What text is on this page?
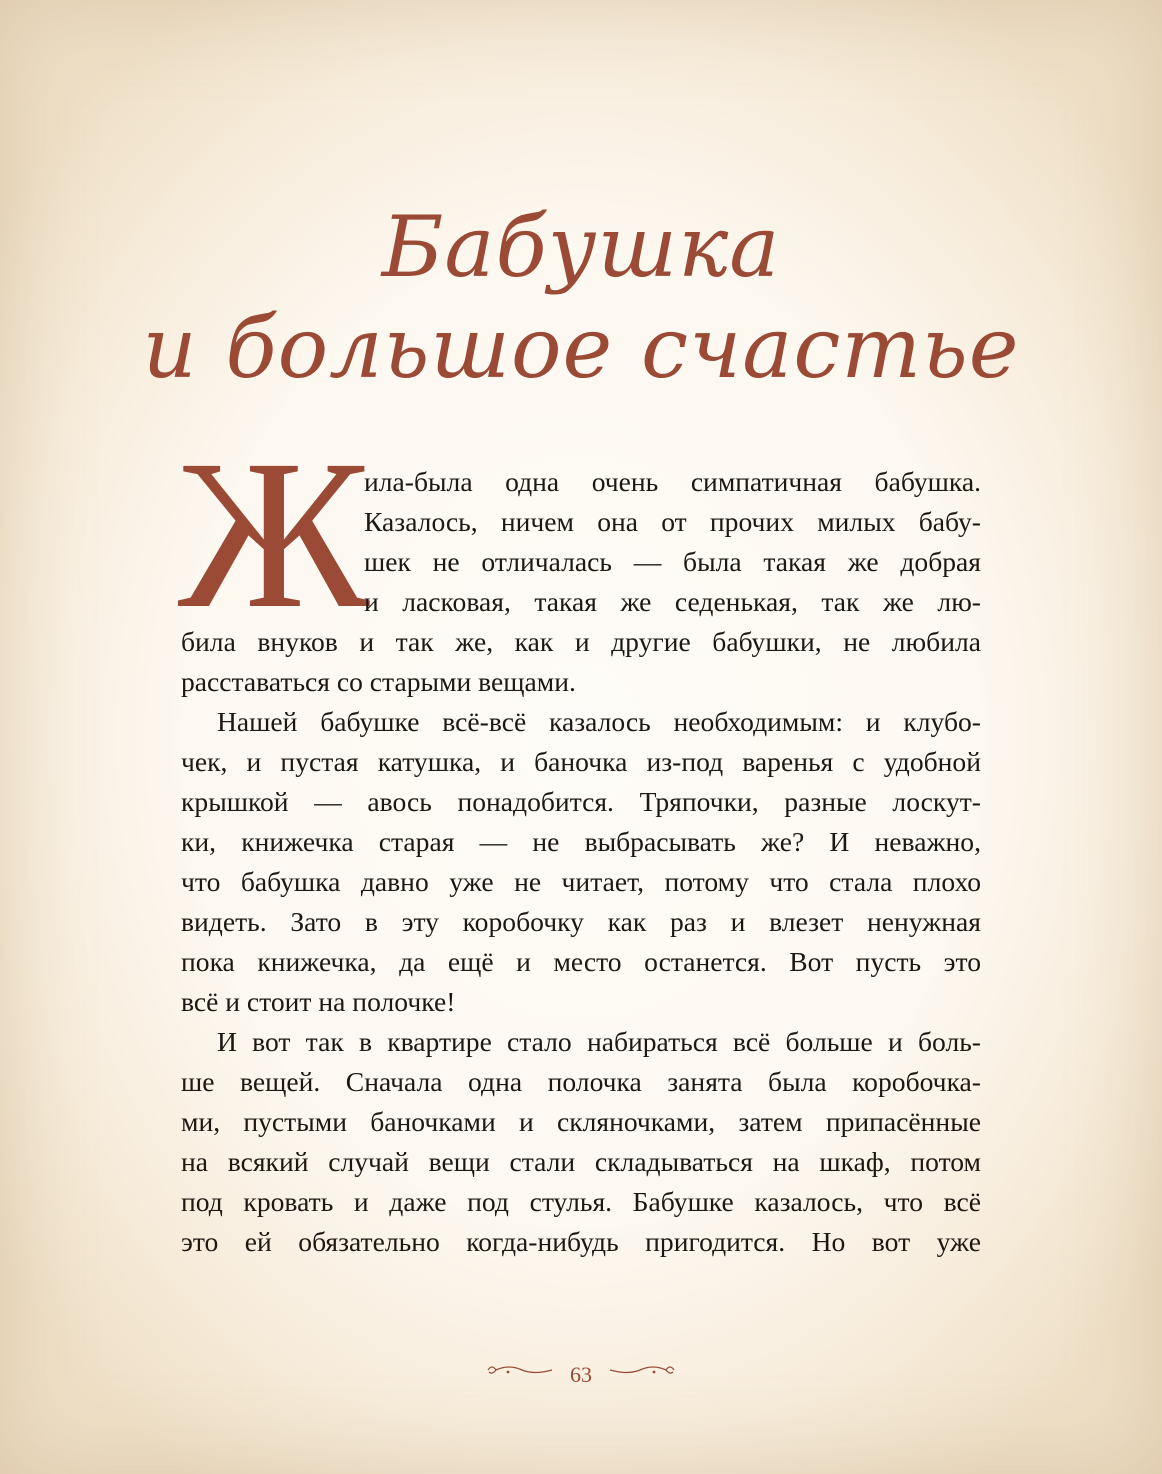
Бабушка
и большое счастье
Ж
ила-была одна очень симпатичная бабушка.
Казалось, ничем она от прочих милых бабу-
шек не отличалась — была такая же добрая
и ласковая, такая же седенькая, так же лю-
била внуков и так же, как и другие бабушки, не любила
расставаться со старыми вещами.
Нашей бабушке всё-всё казалось необходимым: и клубо-
чек, и пустая катушка, и баночка из-под варенья с удобной
крышкой — авось понадобится. Тряпочки, разные лоскут-
ки, книжечка старая — не выбрасывать же? И неважно,
что бабушка давно уже не читает, потому что стала плохо
видеть. Зато в эту коробочку как раз и влезет ненужная
пока книжечка, да ещё и место останется. Вот пусть это
всё и стоит на полочке!
И вот так в квартире стало набираться всё больше и боль-
ше вещей. Сначала одна полочка занята была коробочка-
ми, пустыми баночками и скляночками, затем припасённые
на всякий случай вещи стали складываться на шкаф, потом
под кровать и даже под стулья. Бабушке казалось, что всё
это ей обязательно когда-нибудь пригодится. Но вот уже
63
